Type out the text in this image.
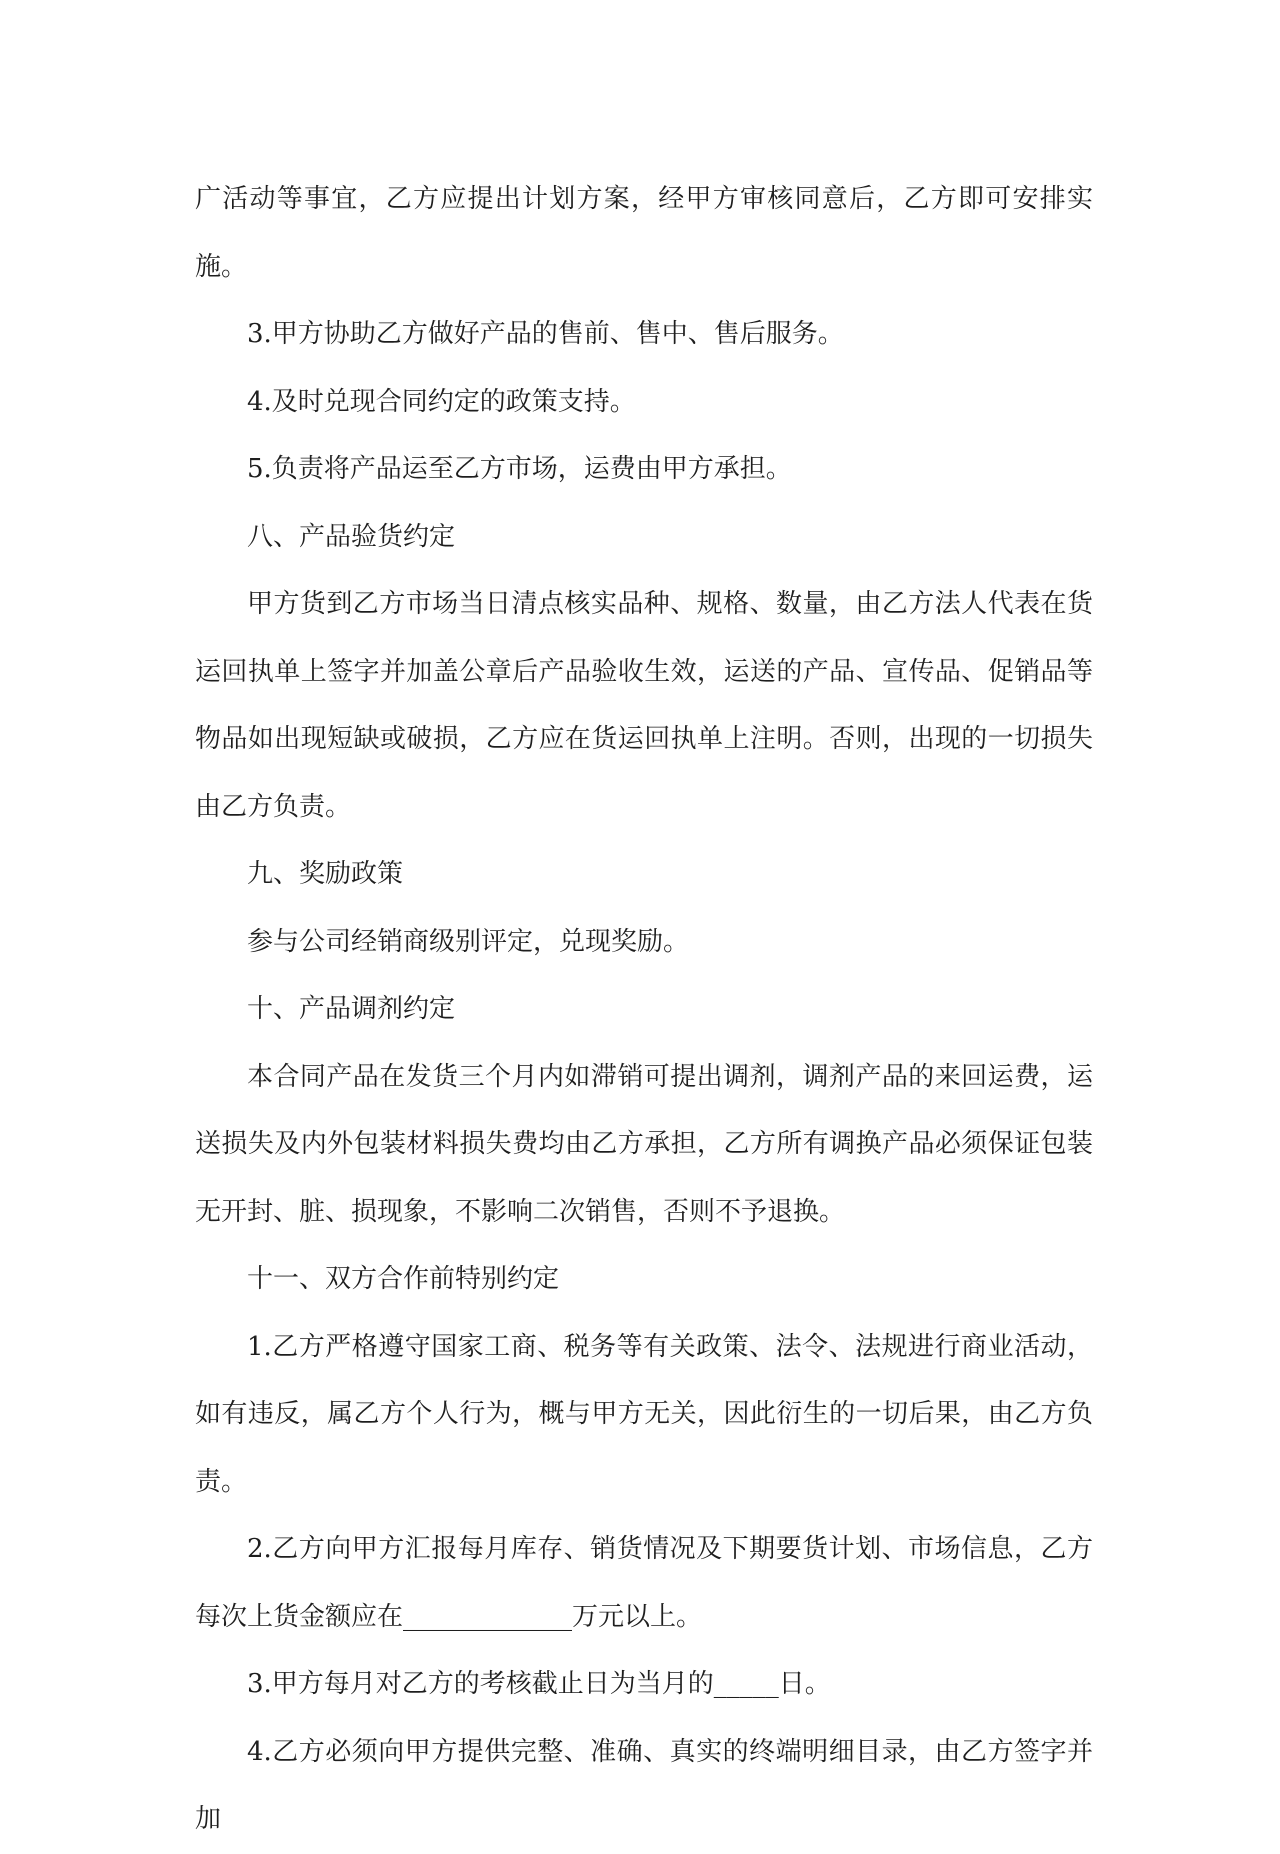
广活动等事宜，乙方应提出计划方案，经甲方审核同意后，乙方即可安排实施。

3.甲方协助乙方做好产品的售前、售中、售后服务。

4.及时兑现合同约定的政策支持。

5.负责将产品运至乙方市场，运费由甲方承担。

八、产品验货约定

甲方货到乙方市场当日清点核实品种、规格、数量，由乙方法人代表在货运回执单上签字并加盖公章后产品验收生效，运送的产品、宣传品、促销品等物品如出现短缺或破损，乙方应在货运回执单上注明。否则，出现的一切损失由乙方负责。

九、奖励政策

参与公司经销商级别评定，兑现奖励。

十、产品调剂约定

本合同产品在发货三个月内如滞销可提出调剂，调剂产品的来回运费，运送损失及内外包装材料损失费均由乙方承担，乙方所有调换产品必须保证包装无开封、脏、损现象，不影响二次销售，否则不予退换。

十一、双方合作前特别约定

1.乙方严格遵守国家工商、税务等有关政策、法令、法规进行商业活动，如有违反，属乙方个人行为，概与甲方无关，因此衍生的一切后果，由乙方负责。

2.乙方向甲方汇报每月库存、销货情况及下期要货计划、市场信息，乙方每次上货金额应在_____________万元以上。

3.甲方每月对乙方的考核截止日为当月的_____日。

4.乙方必须向甲方提供完整、准确、真实的终端明细目录，由乙方签字并加
